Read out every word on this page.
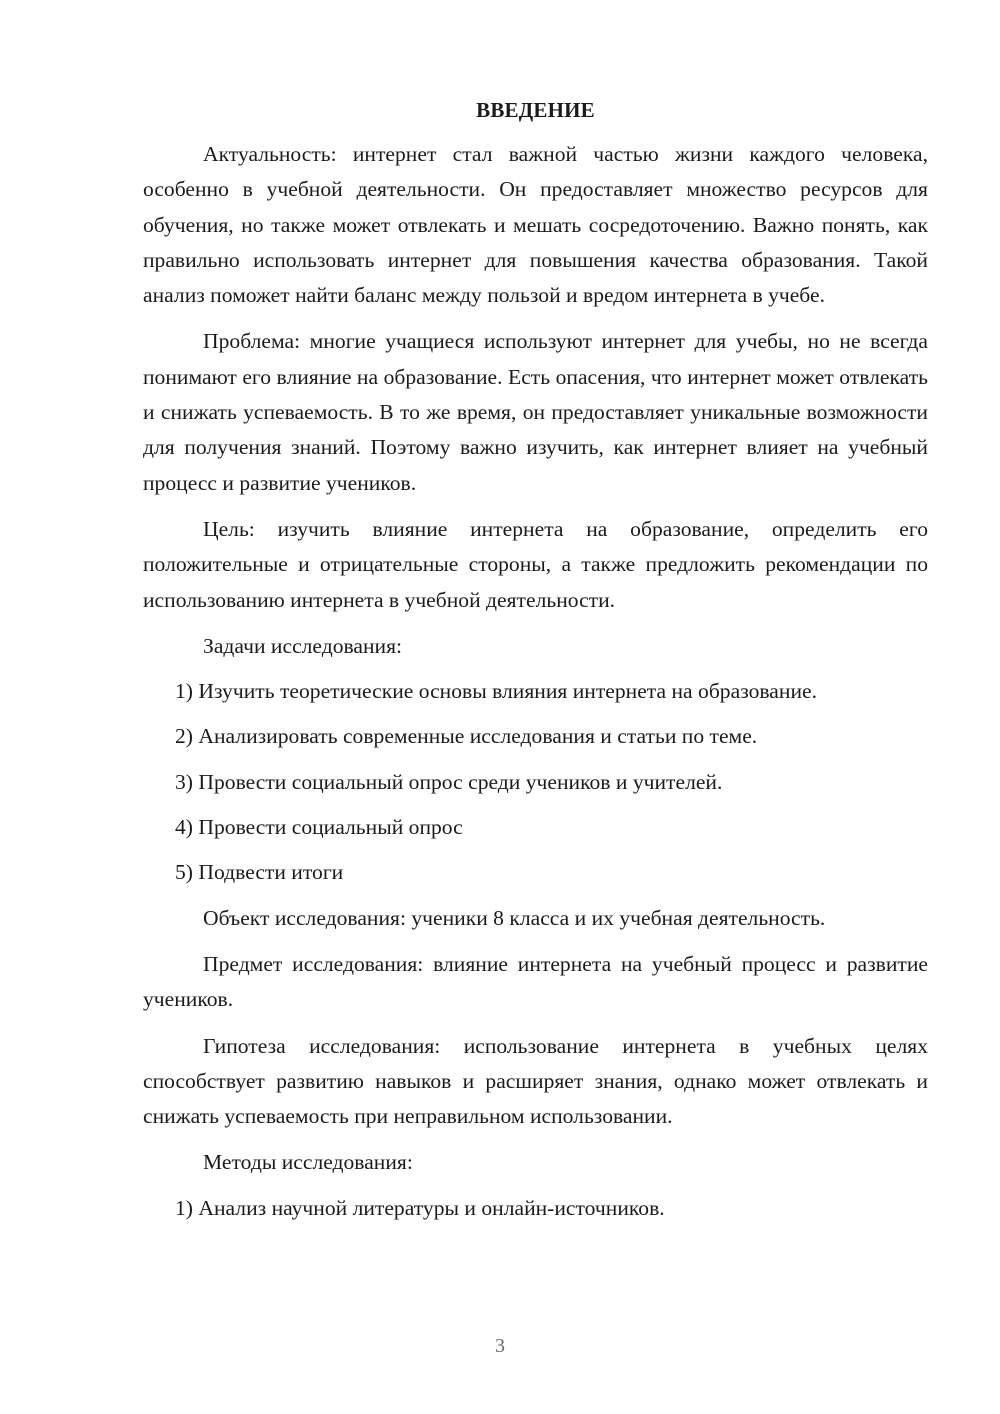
ВВЕДЕНИЕ

Актуальность: интернет стал важной частью жизни каждого человека, особенно в учебной деятельности. Он предоставляет множество ресурсов для обучения, но также может отвлекать и мешать сосредоточению. Важно понять, как правильно использовать интернет для повышения качества образования. Такой анализ поможет найти баланс между пользой и вредом интернета в учебе.

Проблема: многие учащиеся используют интернет для учебы, но не всегда понимают его влияние на образование. Есть опасения, что интернет может отвлекать и снижать успеваемость. В то же время, он предоставляет уникальные возможности для получения знаний. Поэтому важно изучить, как интернет влияет на учебный процесс и развитие учеников.

Цель: изучить влияние интернета на образование, определить его положительные и отрицательные стороны, а также предложить рекомендации по использованию интернета в учебной деятельности.

Задачи исследования:

1) Изучить теоретические основы влияния интернета на образование.

2) Анализировать современные исследования и статьи по теме.

3) Провести социальный опрос среди учеников и учителей.

4) Провести социальный опрос

5) Подвести итоги

Объект исследования: ученики 8 класса и их учебная деятельность.

Предмет исследования: влияние интернета на учебный процесс и развитие учеников.

Гипотеза исследования: использование интернета в учебных целях способствует развитию навыков и расширяет знания, однако может отвлекать и снижать успеваемость при неправильном использовании.

Методы исследования:

1) Анализ научной литературы и онлайн-источников.

3
